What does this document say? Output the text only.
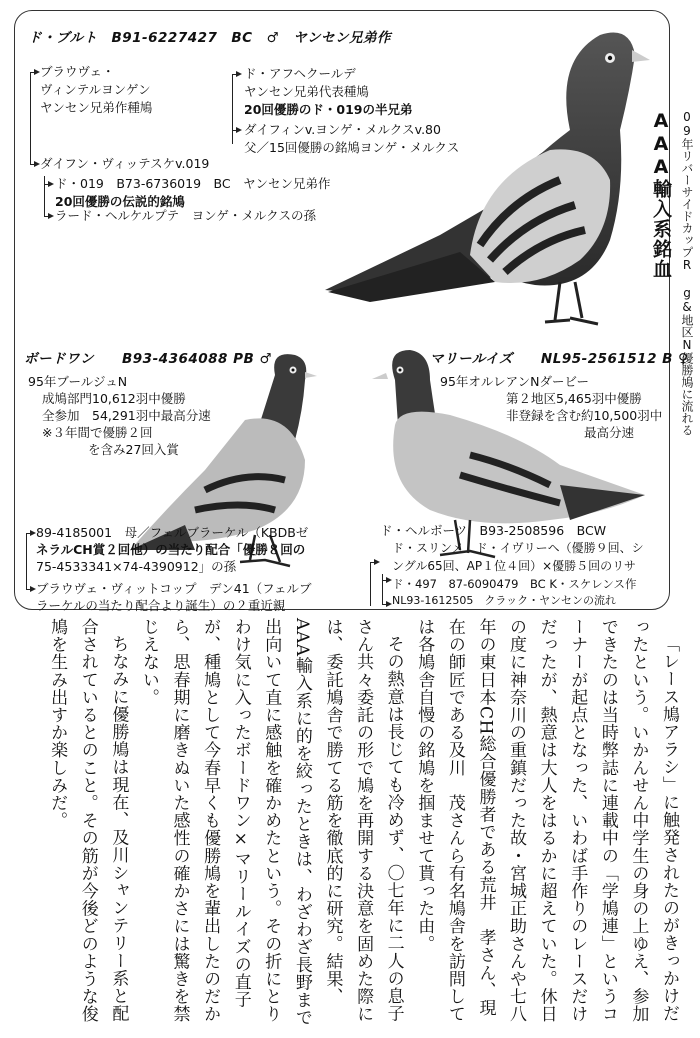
ド・ブルト　B91-6227427　BC　♂　ヤンセン兄弟作
ブラウヴェ・
ヴィンテルヨンゲン
ヤンセン兄弟作種鳩
ド・アフヘクールデ
ヤンセン兄弟代表種鳩
20回優勝のド・019の半兄弟
ダイフィンv.ヨンゲ・メルクスv.80
父／15回優勝の銘鳩ヨンゲ・メルクス
ダイフン・ヴィッテスケv.019
ド・019　B73-6736019　BC　ヤンセン兄弟作
20回優勝の伝説的銘鳩
ラード・ヘルケルプテ　ヨンゲ・メルクスの孫	09年リバーサイドカップR g&地区N優勝鳩に流れる
AAA輸入系銘血
ボードワン　　B93-4364088 PB ♂
95年ブールジュN
成鳩部門10,612羽中優勝
全参加　54,291羽中最高分速
※３年間で優勝２回
を含み27回入賞
マリールイズ　　NL95-2561512 B ♀
95年オルレアンNダービー
第２地区5,465羽中優勝
非登録を含む約10,500羽中
最高分速
89-4185001　母／フェルブラーケル（KBDBゼ
ネラルCH賞２回他）の当たり配合「優勝８回の
75-4533341×74-4390912」の孫
ブラウヴェ・ヴィットコップ　デン41（フェルブ
ラーケルの当たり配合より誕生）の２重近親
ド・ヘルボーツ　B93-2508596　BCW
ド・スリンメ　ド・イヴリーヘ（優勝９回、シ
ングル65回、AP１位４回）×優勝５回のリサ
ド・497　87-6090479　BC K・スケレンス作

「レース鳩アラシ」に触発されたのがきっかけだったという。いかんせん中学生の身の上ゆえ、参加できたのは当時弊誌に連載中の「学鳩連」というコーナーが起点となった、いわば手作りのレースだけだったが、熱意は大人をはるかに超えていた。休日の度に神奈川の重鎮だった故・宮城正助さんや七八年の東日本CH総合優勝者である荒井　孝さん、現在の師匠である及川　茂さんら有名鳩舎を訪問しては各鳩舎自慢の銘鳩を掴ませて貰った由。

その熱意は長じても冷めず、〇七年に二人の息子さん共々委託の形で鳩を再開する決意を固めた際には、委託鳩舎で勝てる筋を徹底的に研究。結果、AAA輸入系に的を絞ったときは、わざわざ長野まで出向いて直に感触を確かめたという。その折にとりわけ気に入ったボードワン×マリールイズの直子が、種鳩として今春早くも優勝鳩を輩出したのだから、思春期に磨きぬいた感性の確かさには驚きを禁じえない。

ちなみに優勝鳩は現在、及川シャンテリー系と配合されているとのこと。その筋が今後どのような俊鳩を生み出すか楽しみだ。

NL93-1612505　クラック・ヤンセンの流れ
